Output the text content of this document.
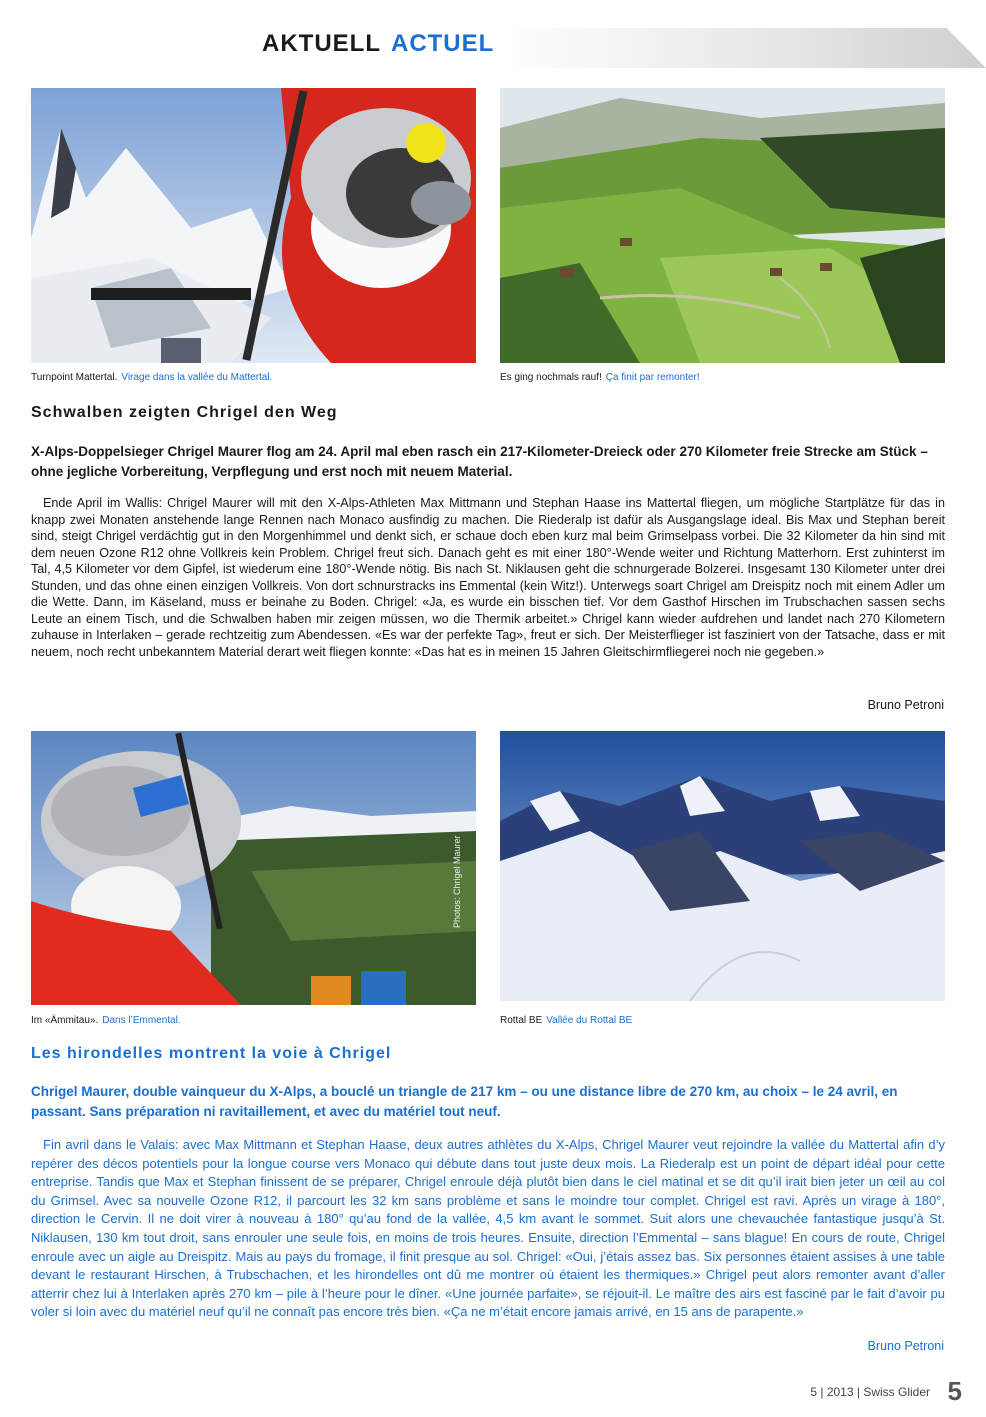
AKTUELL ACTUEL
Turnpoint Mattertal. Virage dans la vallée du Mattertal.	Es ging nochmals rauf! Ça finit par remonter!
Schwalben zeigten Chrigel den Weg
X-Alps-Doppelsieger Chrigel Maurer flog am 24. April mal eben rasch ein 217-Kilometer-Dreieck oder 270 Kilometer freie Strecke am Stück – ohne jegliche Vorbereitung, Verpflegung und erst noch mit neuem Material.
Ende April im Wallis: Chrigel Maurer will mit den X-Alps-Athleten Max Mittmann und Stephan Haase ins Mattertal fliegen, um mögliche Startplätze für das in knapp zwei Monaten anstehende lange Rennen nach Monaco ausfindig zu machen. Die Riederalp ist dafür als Ausgangslage ideal. Bis Max und Stephan bereit sind, steigt Chrigel verdächtig gut in den Morgenhimmel und denkt sich, er schaue doch eben kurz mal beim Grimselpass vorbei. Die 32 Kilometer da hin sind mit dem neuen Ozone R12 ohne Vollkreis kein Problem. Chrigel freut sich. Danach geht es mit einer 180°-Wende weiter und Richtung Matterhorn. Erst zuhinterst im Tal, 4,5 Kilometer vor dem Gipfel, ist wiederum eine 180°-Wende nötig. Bis nach St. Niklausen geht die schnurgerade Bolzerei. Insgesamt 130 Kilometer unter drei Stunden, und das ohne einen einzigen Vollkreis. Von dort schnurstracks ins Emmental (kein Witz!). Unterwegs soart Chrigel am Dreispitz noch mit einem Adler um die Wette. Dann, im Käseland, muss er beinahe zu Boden. Chrigel: «Ja, es wurde ein bisschen tief. Vor dem Gasthof Hirschen im Trubschachen sassen sechs Leute an einem Tisch, und die Schwalben haben mir zeigen müssen, wo die Thermik arbeitet.» Chrigel kann wieder aufdrehen und landet nach 270 Kilometern zuhause in Interlaken – gerade rechtzeitig zum Abendessen. «Es war der perfekte Tag», freut er sich. Der Meisterflieger ist fasziniert von der Tatsache, dass er mit neuem, noch recht unbekanntem Material derart weit fliegen konnte: «Das hat es in meinen 15 Jahren Gleitschirmfliegerei noch nie gegeben.»
Bruno Petroni
Photos: Chrigel Maurer
Im «Ämmitau». Dans l’Emmental.	Rottal BE Vallée du Rottal BE
Les hirondelles montrent la voie à Chrigel
Chrigel Maurer, double vainqueur du X-Alps, a bouclé un triangle de 217 km – ou une distance libre de 270 km, au choix – le 24 avril, en passant. Sans préparation ni ravitaillement, et avec du matériel tout neuf.
Fin avril dans le Valais: avec Max Mittmann et Stephan Haase, deux autres athlètes du X-Alps, Chrigel Maurer veut rejoindre la vallée du Mattertal afin d’y repérer des décos potentiels pour la longue course vers Monaco qui débute dans tout juste deux mois. La Riederalp est un point de départ idéal pour cette entreprise. Tandis que Max et Stephan finissent de se préparer, Chrigel enroule déjà plutôt bien dans le ciel matinal et se dit qu’il irait bien jeter un œil au col du Grimsel. Avec sa nouvelle Ozone R12, il parcourt les 32 km sans problème et sans le moindre tour complet. Chrigel est ravi. Après un virage à 180°, direction le Cervin. Il ne doit virer à nouveau à 180° qu’au fond de la vallée, 4,5 km avant le sommet. Suit alors une chevauchée fantastique jusqu’à St. Niklausen, 130 km tout droit, sans enrouler une seule fois, en moins de trois heures. Ensuite, direction l’Emmental – sans blague! En cours de route, Chrigel enroule avec un aigle au Dreispitz. Mais au pays du fromage, il finit presque au sol. Chrigel: «Oui, j’étais assez bas. Six personnes étaient assises à une table devant le restaurant Hirschen, à Trubschachen, et les hirondelles ont dû me montrer où étaient les thermiques.» Chrigel peut alors remonter avant d’aller atterrir chez lui à Interlaken après 270 km – pile à l’heure pour le dîner. «Une journée parfaite», se réjouit-il. Le maître des airs est fasciné par le fait d’avoir pu voler si loin avec du matériel neuf qu’il ne connaît pas encore très bien. «Ça ne m’était encore jamais arrivé, en 15 ans de parapente.»
Bruno Petroni
5 | 2013 | Swiss Glider 5
